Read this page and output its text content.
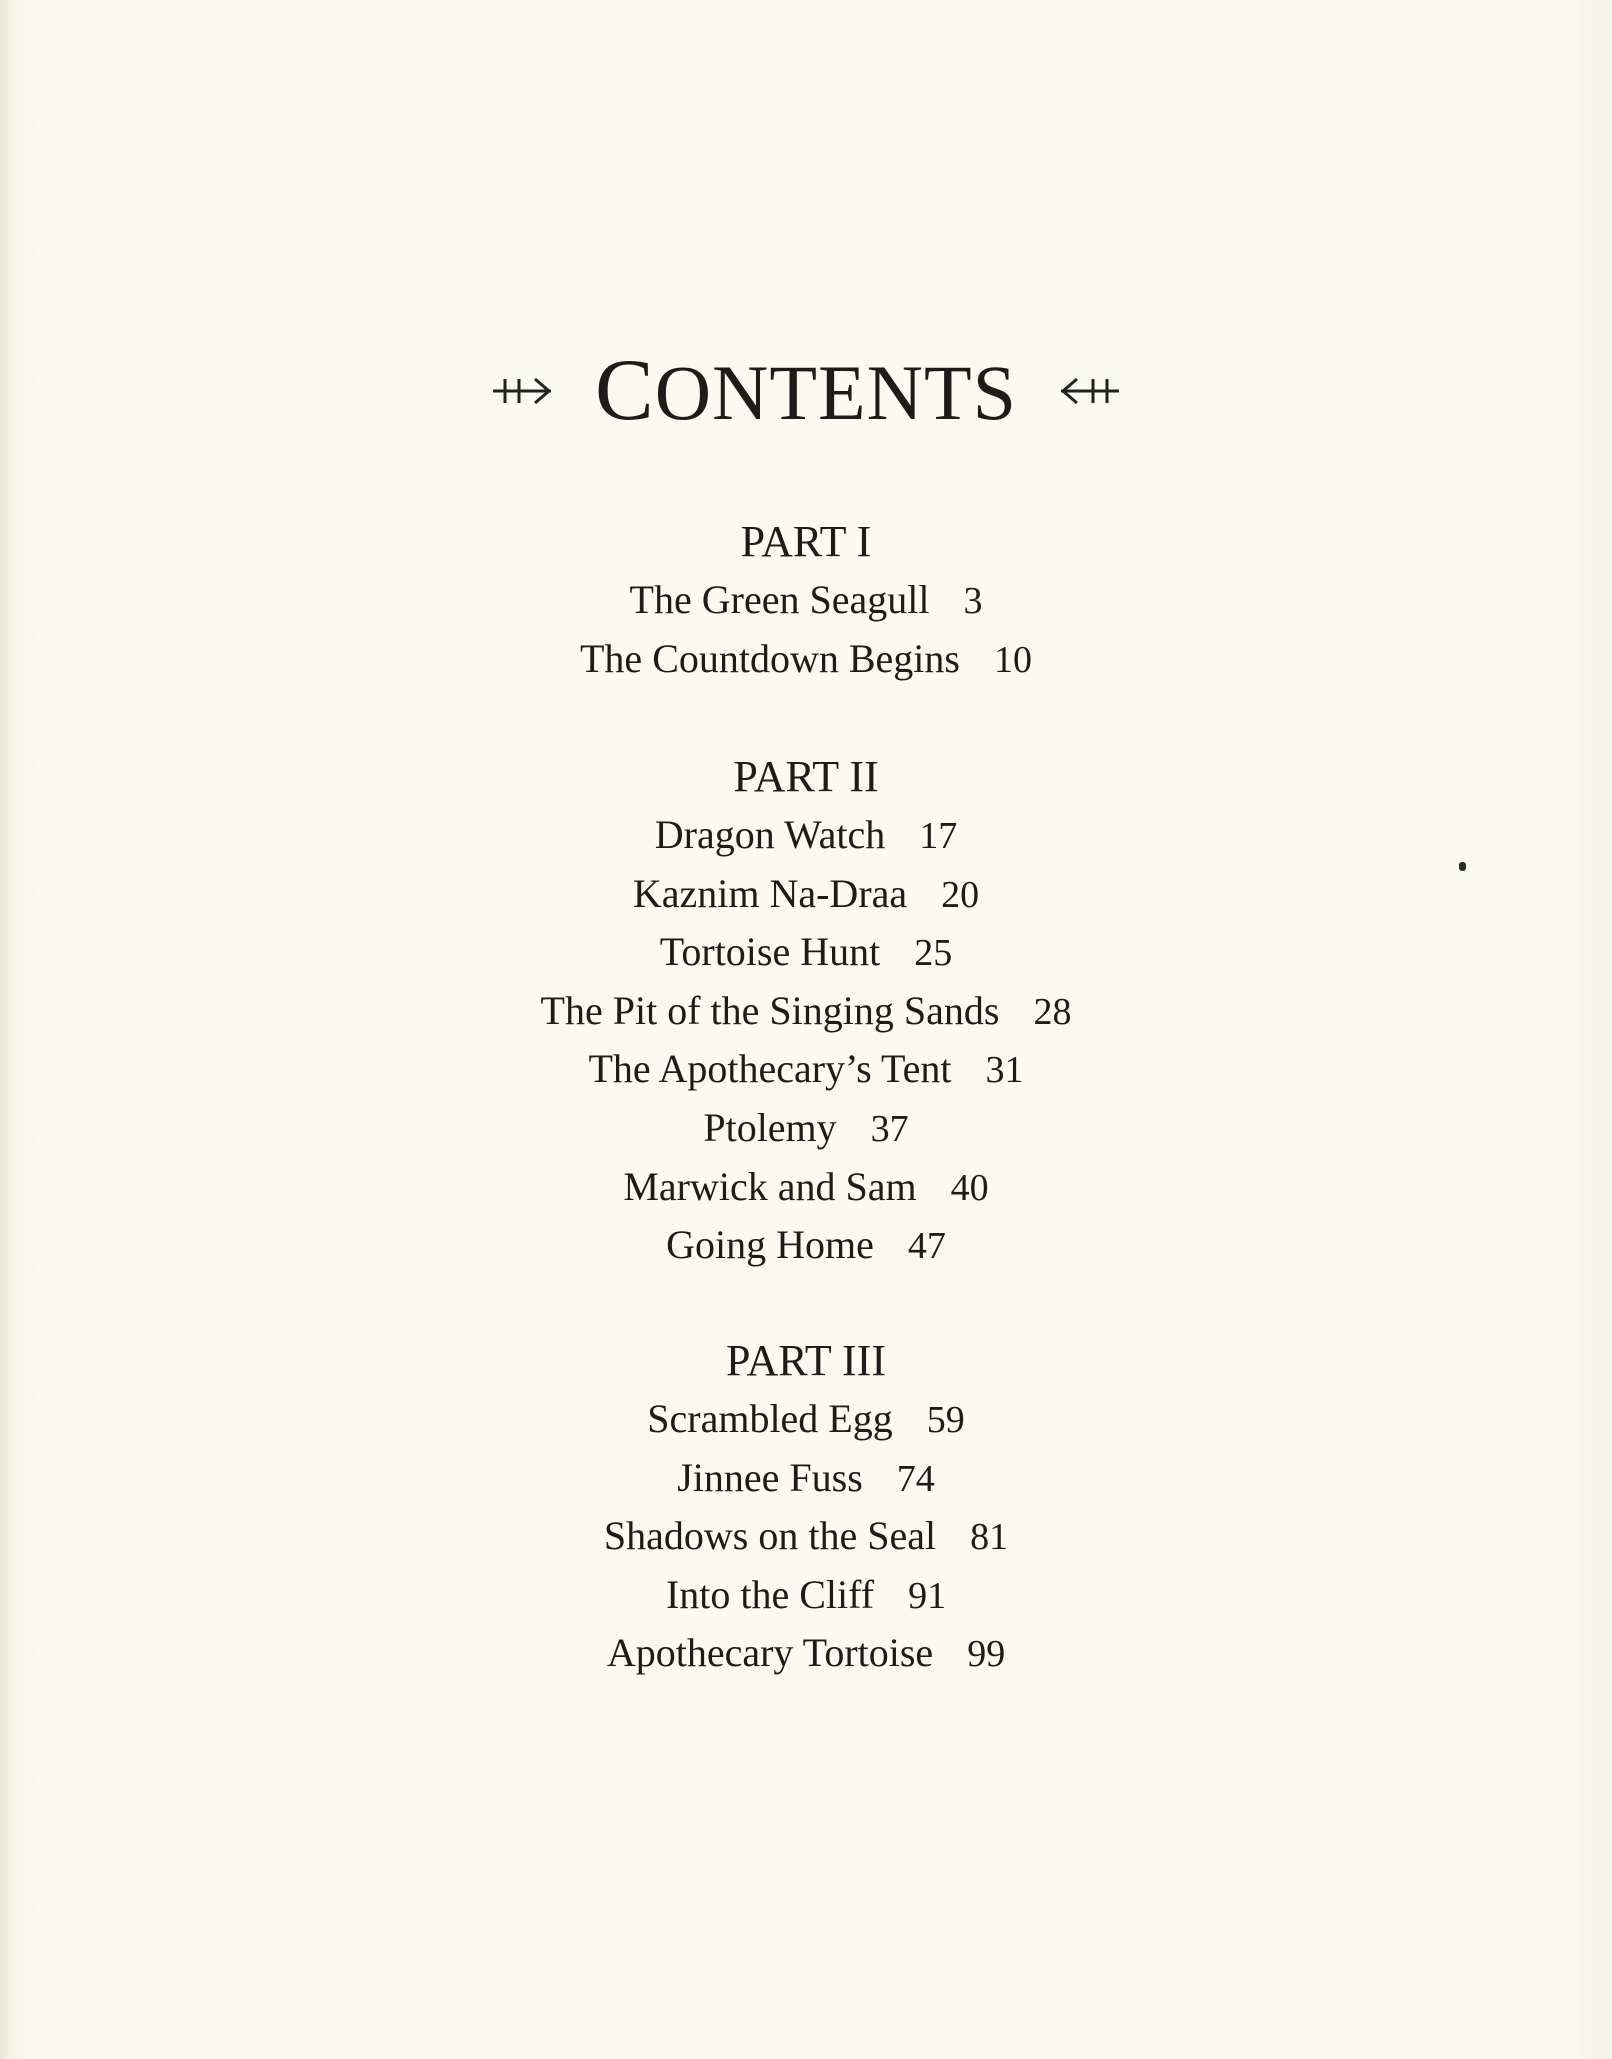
CONTENTS
PART I
The Green Seagull 3
The Countdown Begins 10
PART II
Dragon Watch 17
Kaznim Na-Draa 20
Tortoise Hunt 25
The Pit of the Singing Sands 28
The Apothecary’s Tent 31
Ptolemy 37
Marwick and Sam 40
Going Home 47
PART III
Scrambled Egg 59
Jinnee Fuss 74
Shadows on the Seal 81
Into the Cliff 91
Apothecary Tortoise 99
